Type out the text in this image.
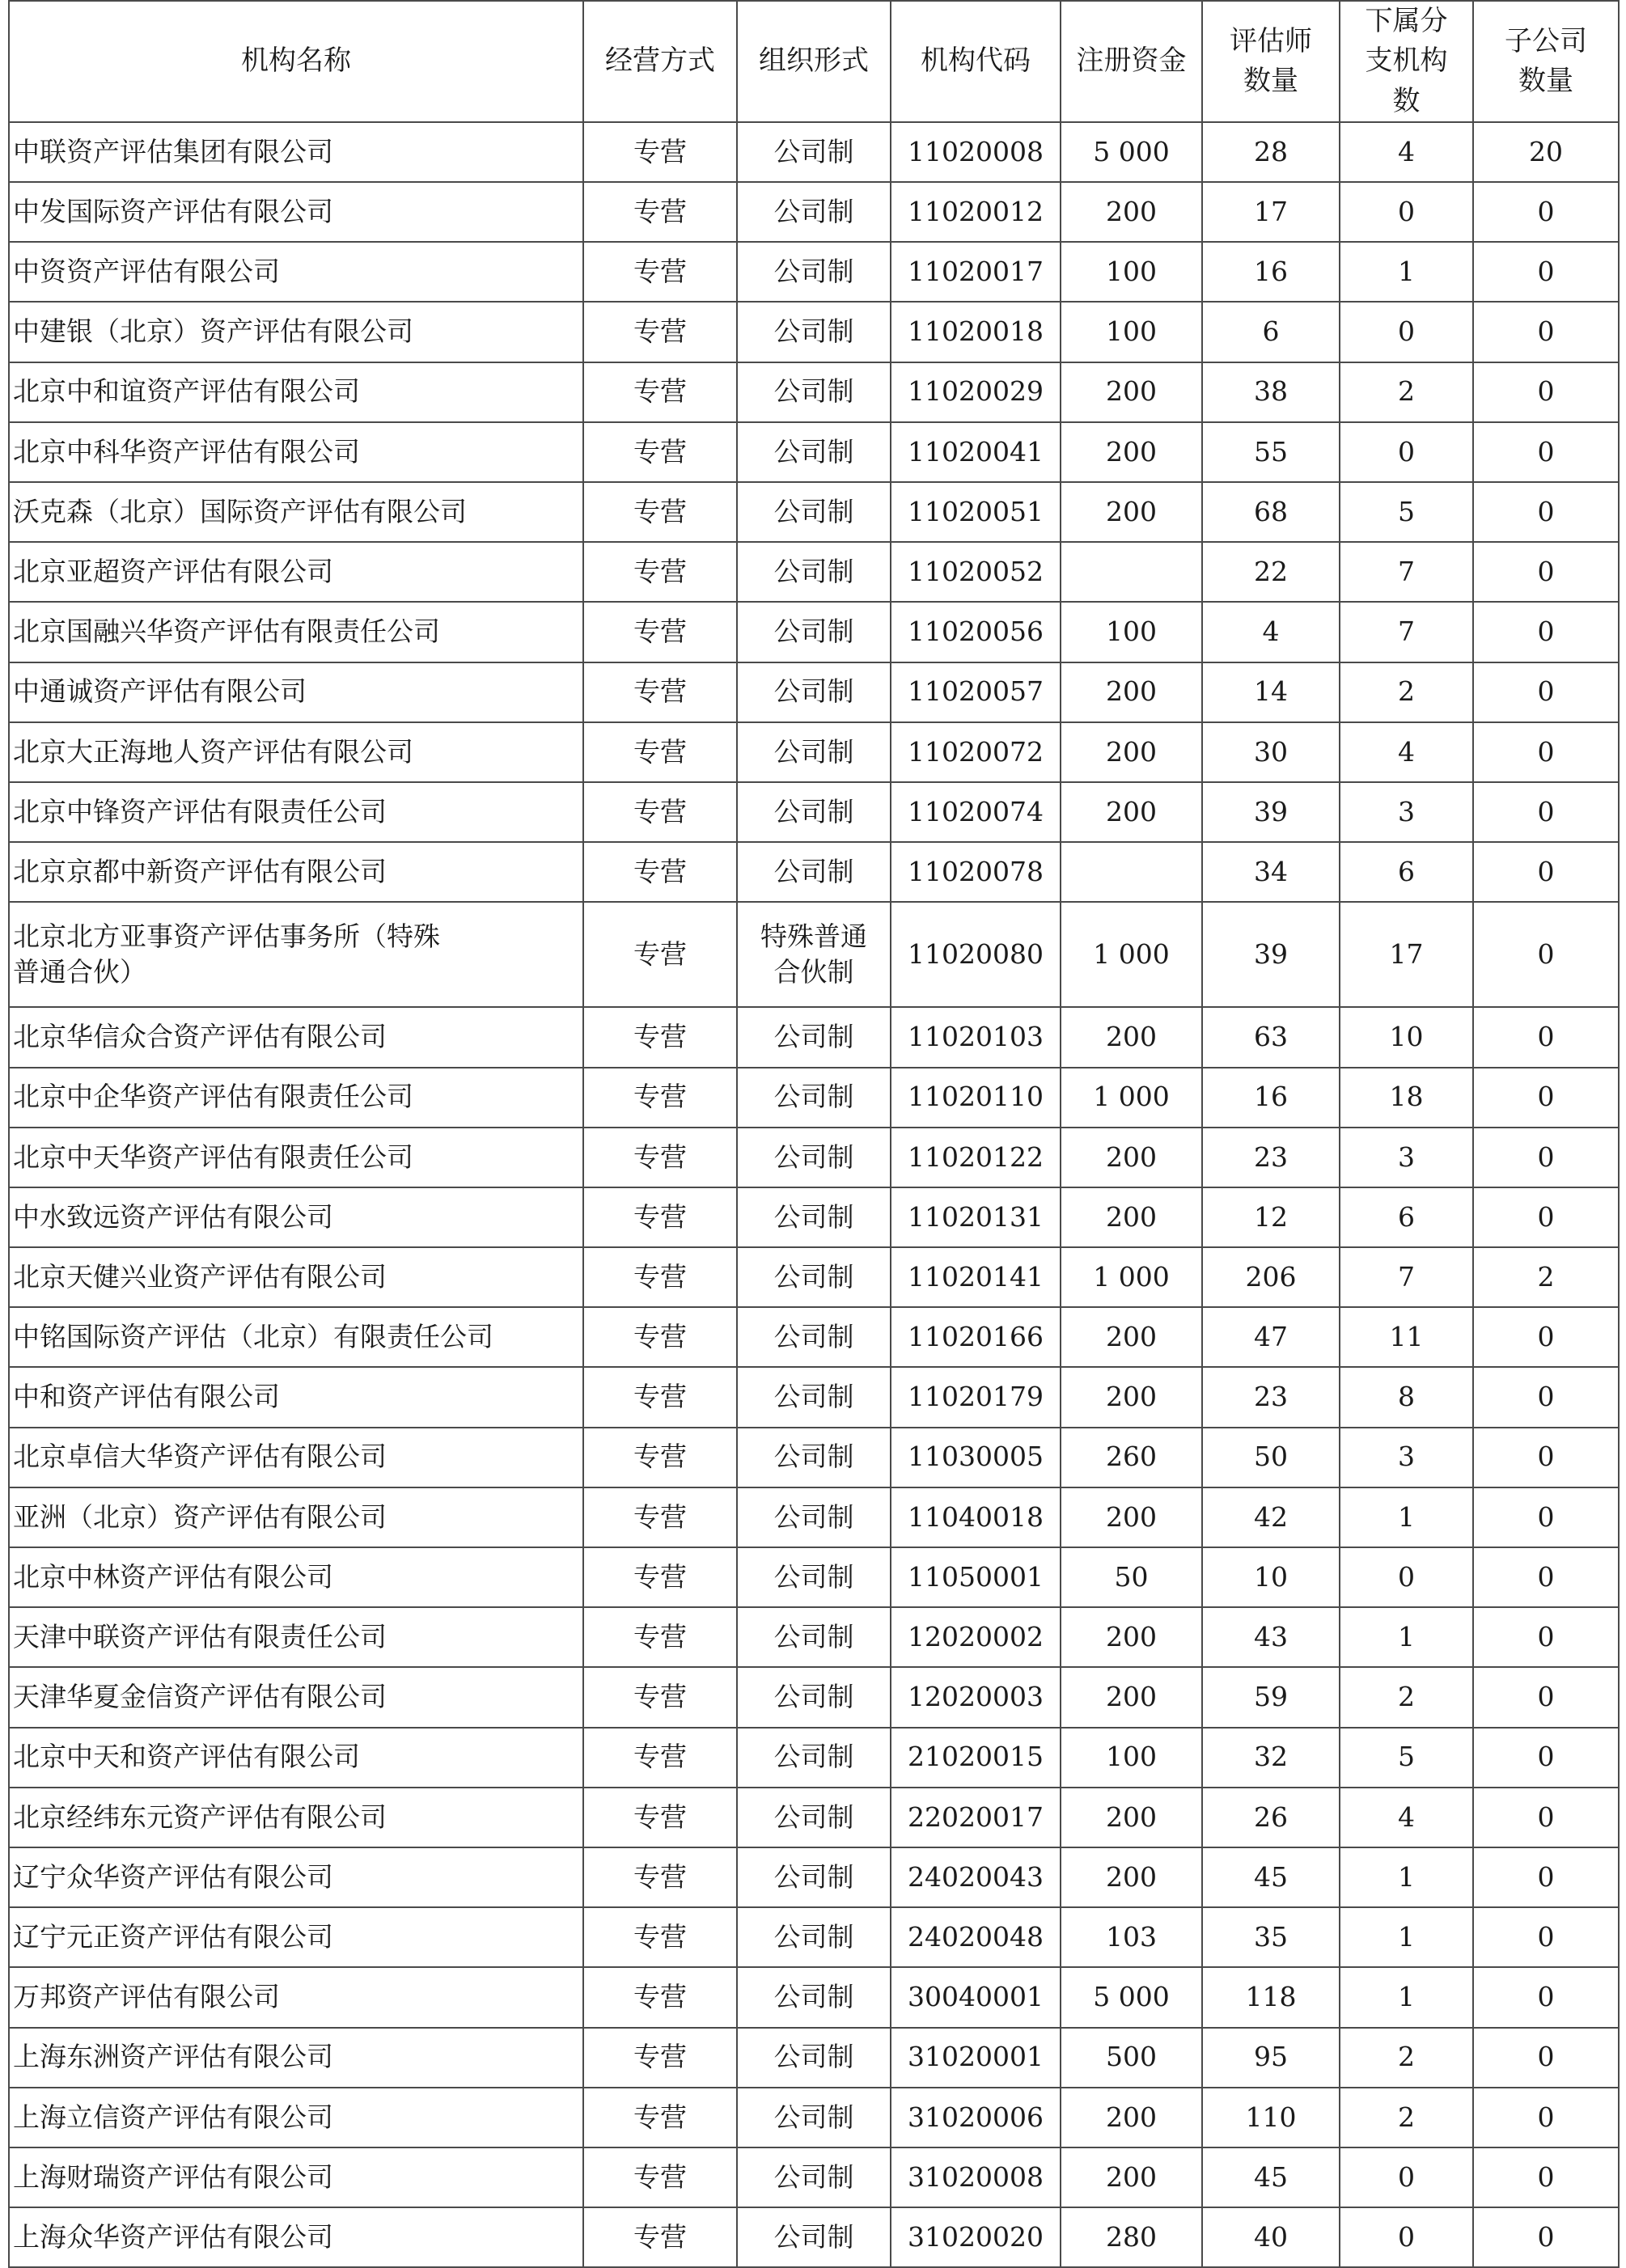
机构名称	经营方式	组织形式	机构代码	注册资金	评估师数量	下属分支机构数	子公司数量
中联资产评估集团有限公司	专营	公司制	11020008	5 000	28	4	20
中发国际资产评估有限公司	专营	公司制	11020012	200	17	0	0
中资资产评估有限公司	专营	公司制	11020017	100	16	1	0
中建银（北京）资产评估有限公司	专营	公司制	11020018	100	6	0	0
北京中和谊资产评估有限公司	专营	公司制	11020029	200	38	2	0
北京中科华资产评估有限公司	专营	公司制	11020041	200	55	0	0
沃克森（北京）国际资产评估有限公司	专营	公司制	11020051	200	68	5	0
北京亚超资产评估有限公司	专营	公司制	11020052		22	7	0
北京国融兴华资产评估有限责任公司	专营	公司制	11020056	100	4	7	0
中通诚资产评估有限公司	专营	公司制	11020057	200	14	2	0
北京大正海地人资产评估有限公司	专营	公司制	11020072	200	30	4	0
北京中锋资产评估有限责任公司	专营	公司制	11020074	200	39	3	0
北京京都中新资产评估有限公司	专营	公司制	11020078		34	6	0
北京北方亚事资产评估事务所（特殊普通合伙）	专营	特殊普通合伙制	11020080	1 000	39	17	0
北京华信众合资产评估有限公司	专营	公司制	11020103	200	63	10	0
北京中企华资产评估有限责任公司	专营	公司制	11020110	1 000	16	18	0
北京中天华资产评估有限责任公司	专营	公司制	11020122	200	23	3	0
中水致远资产评估有限公司	专营	公司制	11020131	200	12	6	0
北京天健兴业资产评估有限公司	专营	公司制	11020141	1 000	206	7	2
中铭国际资产评估（北京）有限责任公司	专营	公司制	11020166	200	47	11	0
中和资产评估有限公司	专营	公司制	11020179	200	23	8	0
北京卓信大华资产评估有限公司	专营	公司制	11030005	260	50	3	0
亚洲（北京）资产评估有限公司	专营	公司制	11040018	200	42	1	0
北京中林资产评估有限公司	专营	公司制	11050001	50	10	0	0
天津中联资产评估有限责任公司	专营	公司制	12020002	200	43	1	0
天津华夏金信资产评估有限公司	专营	公司制	12020003	200	59	2	0
北京中天和资产评估有限公司	专营	公司制	21020015	100	32	5	0
北京经纬东元资产评估有限公司	专营	公司制	22020017	200	26	4	0
辽宁众华资产评估有限公司	专营	公司制	24020043	200	45	1	0
辽宁元正资产评估有限公司	专营	公司制	24020048	103	35	1	0
万邦资产评估有限公司	专营	公司制	30040001	5 000	118	1	0
上海东洲资产评估有限公司	专营	公司制	31020001	500	95	2	0
上海立信资产评估有限公司	专营	公司制	31020006	200	110	2	0
上海财瑞资产评估有限公司	专营	公司制	31020008	200	45	0	0
上海众华资产评估有限公司	专营	公司制	31020020	280	40	0	0
